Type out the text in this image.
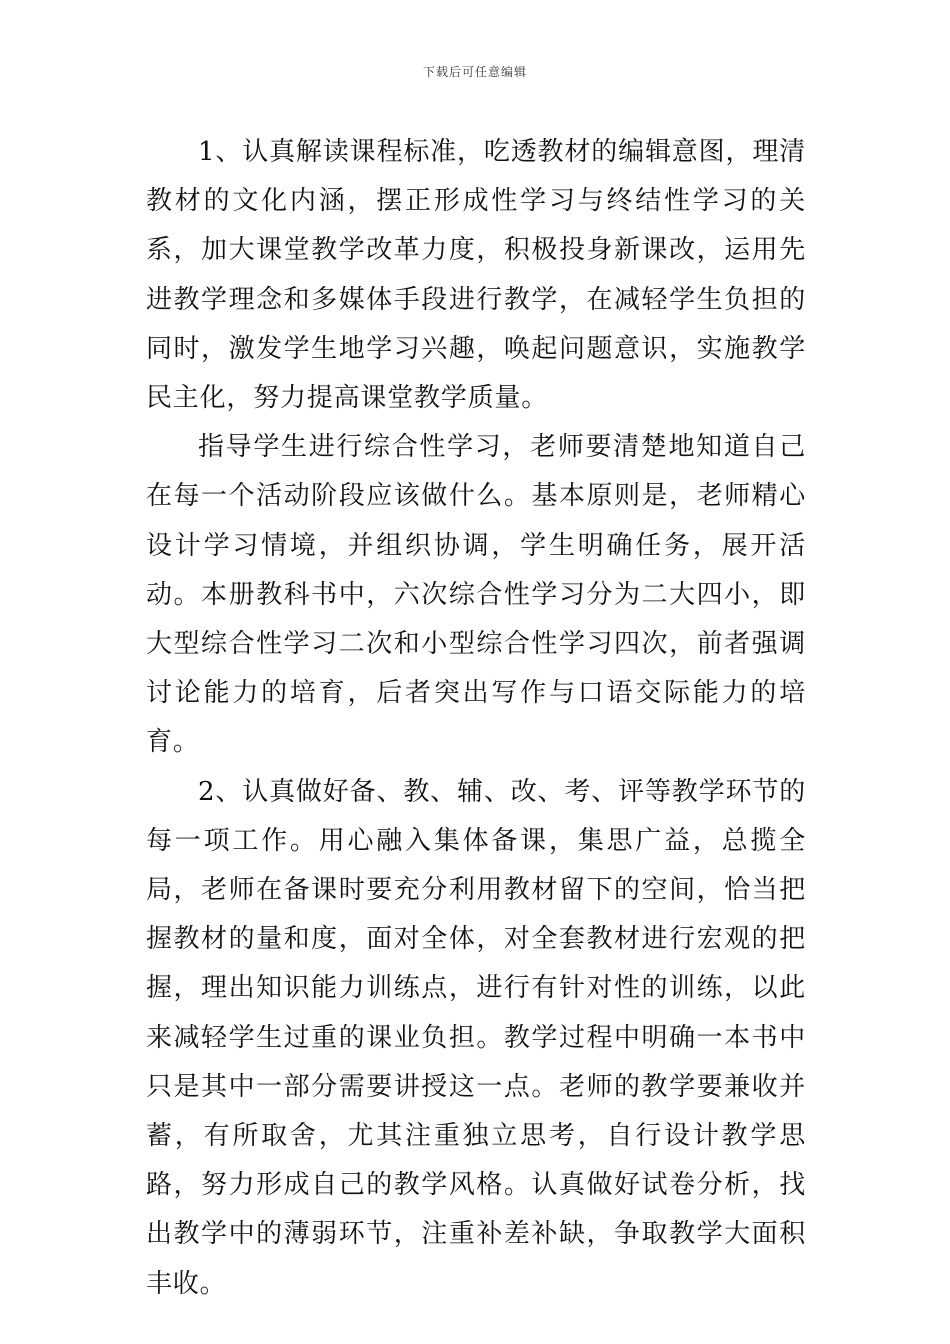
下载后可任意编辑

1、认真解读课程标准，吃透教材的编辑意图，理清教材的文化内涵，摆正形成性学习与终结性学习的关系，加大课堂教学改革力度，积极投身新课改，运用先进教学理念和多媒体手段进行教学，在减轻学生负担的同时，激发学生地学习兴趣，唤起问题意识，实施教学民主化，努力提高课堂教学质量。

指导学生进行综合性学习，老师要清楚地知道自己在每一个活动阶段应该做什么。基本原则是，老师精心设计学习情境，并组织协调，学生明确任务，展开活动。本册教科书中，六次综合性学习分为二大四小，即大型综合性学习二次和小型综合性学习四次，前者强调讨论能力的培育，后者突出写作与口语交际能力的培育。

2、认真做好备、教、辅、改、考、评等教学环节的每一项工作。用心融入集体备课，集思广益，总揽全局，老师在备课时要充分利用教材留下的空间，恰当把握教材的量和度，面对全体，对全套教材进行宏观的把握，理出知识能力训练点，进行有针对性的训练，以此来减轻学生过重的课业负担。教学过程中明确一本书中只是其中一部分需要讲授这一点。老师的教学要兼收并蓄，有所取舍，尤其注重独立思考，自行设计教学思路，努力形成自己的教学风格。认真做好试卷分析，找出教学中的薄弱环节，注重补差补缺，争取教学大面积丰收。
